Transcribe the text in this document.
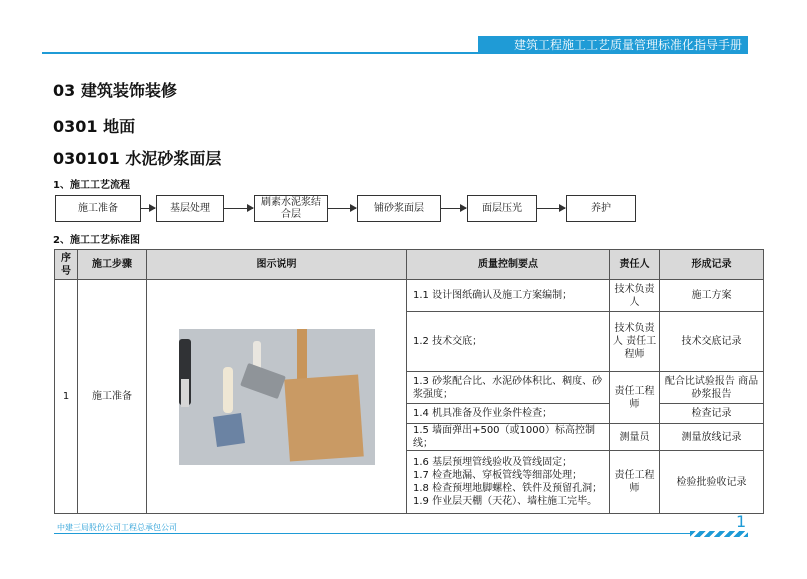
建筑工程施工工艺质量管理标准化指导手册
03 建筑装饰装修
0301 地面
030101 水泥砂浆面层
1、施工工艺流程
施工准备	基层处理
刷素水泥浆结合层
铺砂浆面层	面层压光	养护
2、施工工艺标准图
序号	施工步骤	图示说明	质量控制要点	责任人	形成记录
1	施工准备		1.1 设计图纸确认及施工方案编制；	技术负责人	施工方案
			1.2 技术交底；	技术负责人 责任工程师	技术交底记录
			1.3 砂浆配合比、水泥砂体积比、稠度、砂浆强度；	责任工程师	配合比试验报告 商品砂浆报告
			1.4 机具准备及作业条件检查；		检查记录
			1.5 墙面弹出+500（或1000）标高控制线；	测量员	测量放线记录
			1.6 基层预埋管线验收及管线固定；
1.7 检查地漏、穿板管线等细部处理；
1.8 检查预埋地脚螺栓、铁件及预留孔洞；
1.9 作业层天棚（天花）、墙柱施工完毕。	责任工程师	检验批验收记录
中建三局股份公司工程总承包公司	1
